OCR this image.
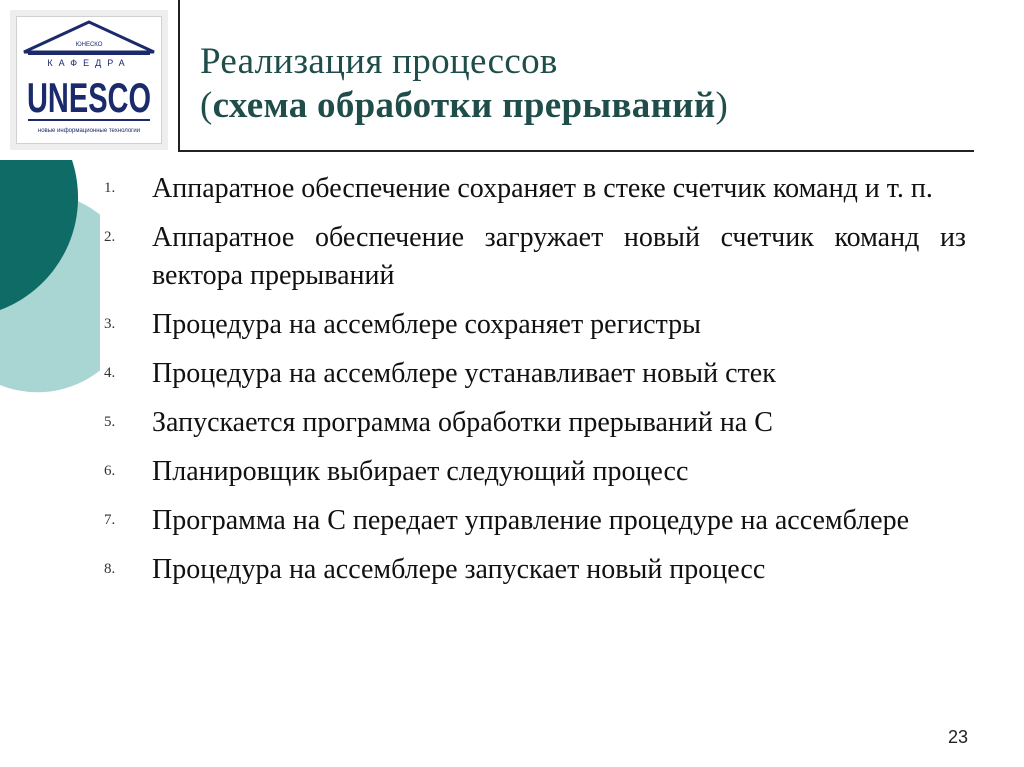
ЮНЕСКО
КАФЕДРА
UNESCO
новые информационные технологии
Реализация процессов
(схема обработки прерываний)
1.	Аппаратное обеспечение сохраняет в стеке счетчик команд и т. п.
2.	Аппаратное обеспечение загружает новый счетчик команд из вектора прерываний
3.	Процедура на ассемблере сохраняет регистры
4.	Процедура на ассемблере устанавливает новый стек
5.	Запускается программа обработки прерываний на С
6.	Планировщик выбирает следующий процесс
7.	Программа на С передает управление процедуре на ассемблере
8.	Процедура на ассемблере запускает новый процесс
23
